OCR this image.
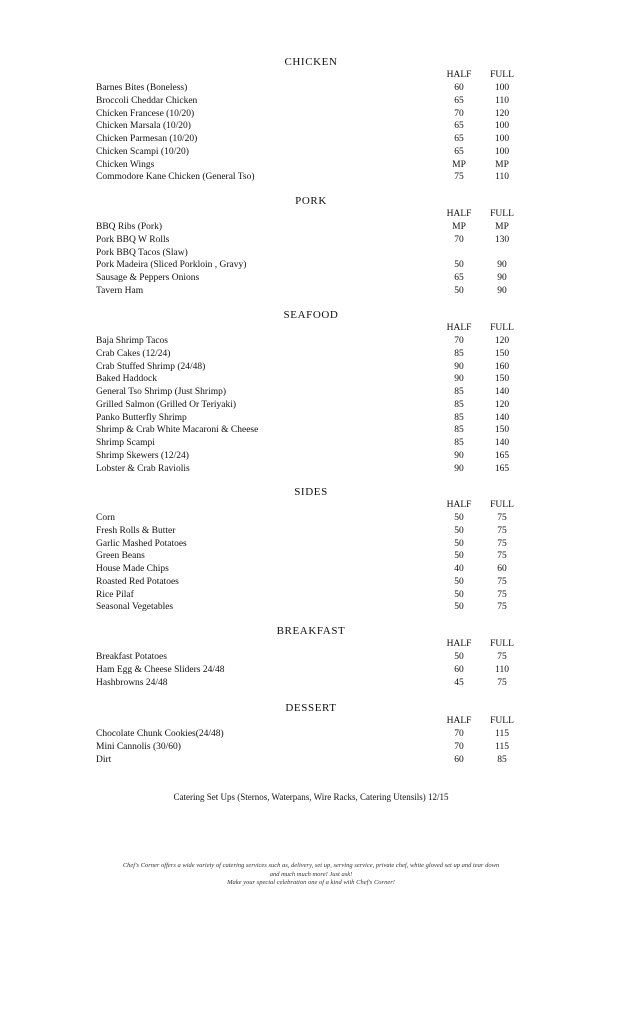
CHICKEN
HALF	FULL
Barnes Bites (Boneless)	60	100
Broccoli Cheddar Chicken	65	110
Chicken Francese (10/20)	70	120
Chicken Marsala (10/20)	65	100
Chicken Parmesan (10/20)	65	100
Chicken Scampi (10/20)	65	100
Chicken Wings	MP	MP
Commodore Kane Chicken (General Tso)	75	110
PORK
HALF	FULL
BBQ Ribs (Pork)	MP	MP
Pork BBQ W Rolls	70	130
Pork BBQ Tacos (Slaw)
Pork Madeira (Sliced Porkloin , Gravy)	50	90
Sausage & Peppers Onions	65	90
Tavern Ham	50	90
SEAFOOD
HALF	FULL
Baja Shrimp Tacos	70	120
Crab Cakes (12/24)	85	150
Crab Stuffed Shrimp (24/48)	90	160
Baked Haddock	90	150
General Tso Shrimp (Just Shrimp)	85	140
Grilled Salmon (Grilled Or Teriyaki)	85	120
Panko Butterfly Shrimp	85	140
Shrimp & Crab White Macaroni & Cheese	85	150
Shrimp Scampi	85	140
Shrimp Skewers (12/24)	90	165
Lobster & Crab Raviolis	90	165
SIDES
HALF	FULL
Corn	50	75
Fresh Rolls & Butter	50	75
Garlic Mashed Potatoes	50	75
Green Beans	50	75
House Made Chips	40	60
Roasted Red Potatoes	50	75
Rice Pilaf	50	75
Seasonal Vegetables	50	75
BREAKFAST
HALF	FULL
Breakfast Potatoes	50	75
Ham Egg & Cheese Sliders 24/48	60	110
Hashbrowns 24/48	45	75
DESSERT
HALF	FULL
Chocolate Chunk Cookies(24/48)	70	115
Mini Cannolis (30/60)	70	115
Dirt	60	85
Catering Set Ups (Sternos, Waterpans, Wire Racks, Catering Utensils) 12/15
Chef's Corner offers a wide variety of catering services such as, delivery, set up, serving service, private chef, white gloved set up and tear down
and much much more! Just ask!
Make your special celebration one of a kind with Chef's Corner!
